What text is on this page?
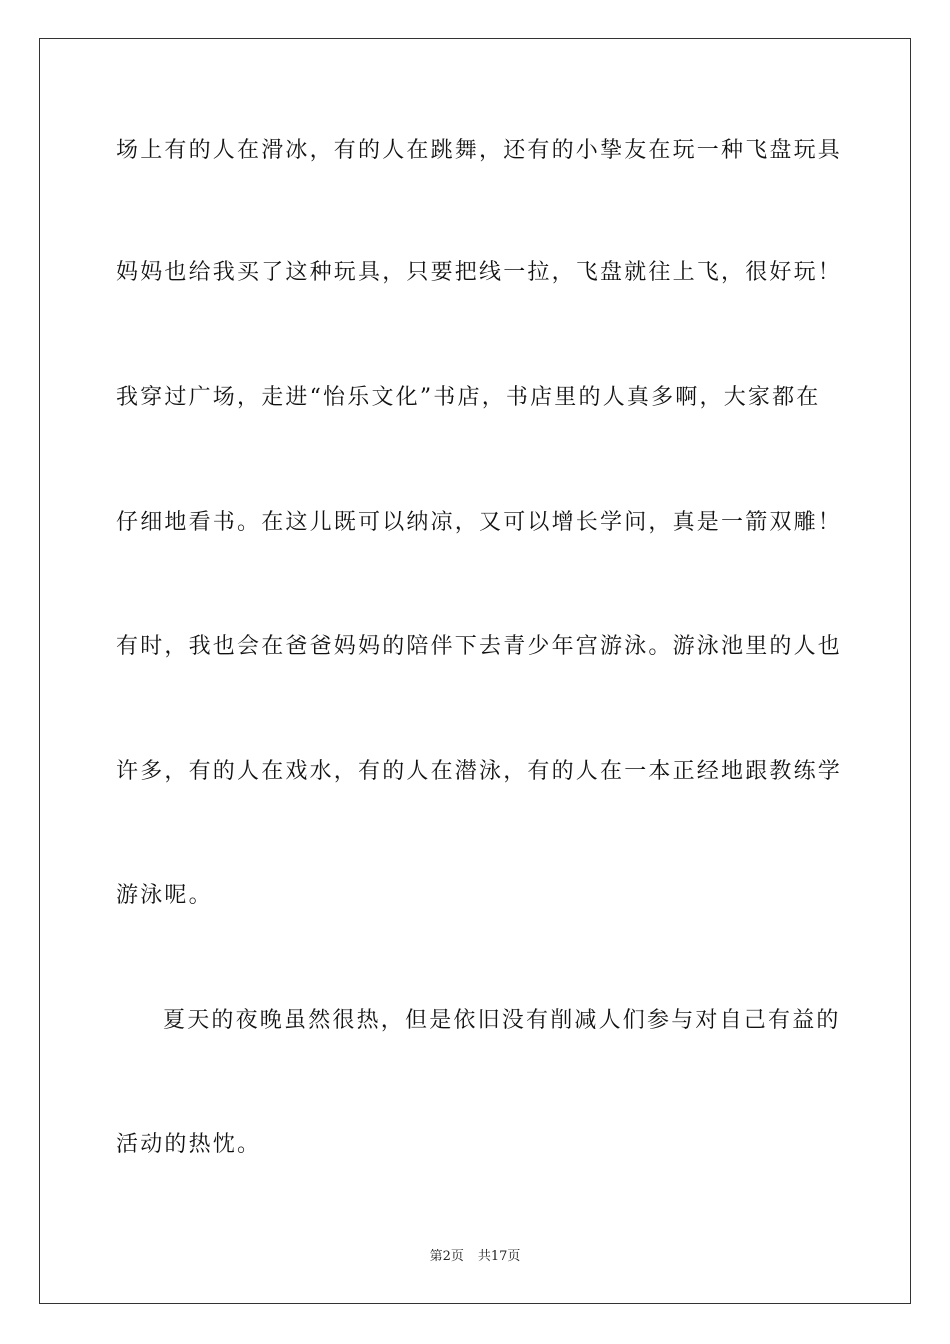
场上有的人在滑冰，有的人在跳舞，还有的小挚友在玩一种飞盘玩具
妈妈也给我买了这种玩具，只要把线一拉，飞盘就往上飞，很好玩！
我穿过广场，走进“怡乐文化”书店，书店里的人真多啊，大家都在
仔细地看书。在这儿既可以纳凉，又可以增长学问，真是一箭双雕！
有时，我也会在爸爸妈妈的陪伴下去青少年宫游泳。游泳池里的人也
许多，有的人在戏水，有的人在潜泳，有的人在一本正经地跟教练学
游泳呢。
夏天的夜晚虽然很热，但是依旧没有削减人们参与对自己有益的
活动的热忱。
第2页 共17页
